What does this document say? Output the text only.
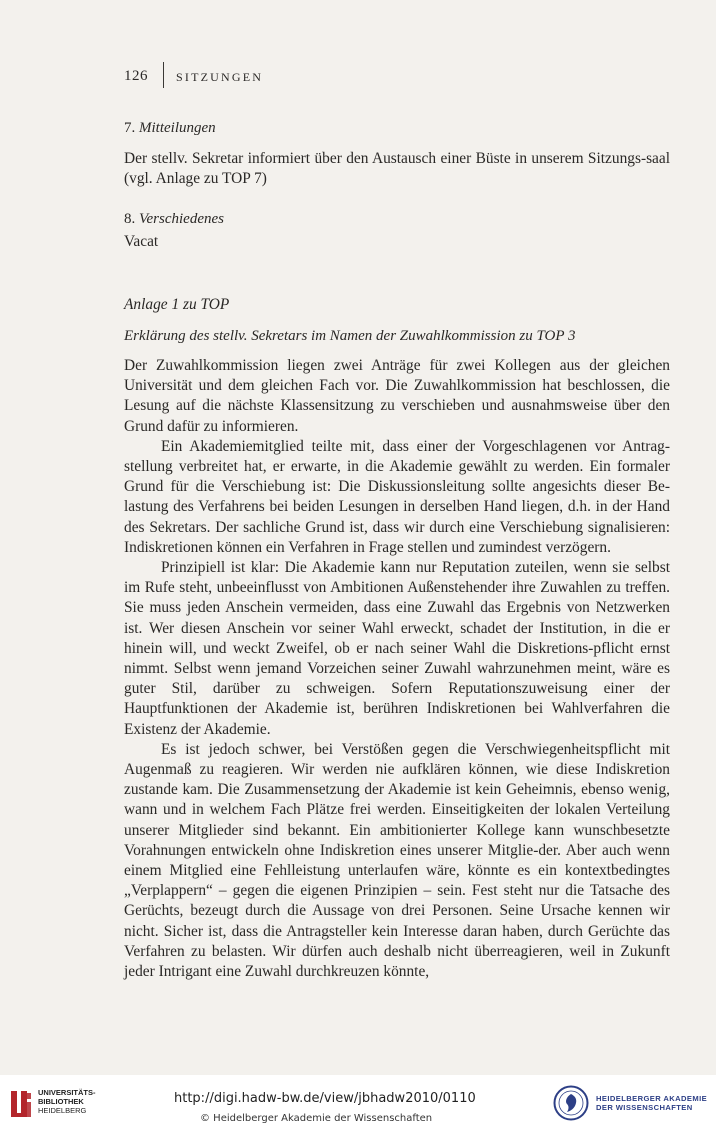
126 SITZUNGEN
7. Mitteilungen

Der stellv. Sekretar informiert über den Austausch einer Büste in unserem Sitzungs-saal (vgl. Anlage zu TOP 7)

8. Verschiedenes
Vacat
Anlage 1 zu TOP
Erklärung des stellv. Sekretars im Namen der Zuwahlkommission zu TOP 3

Der Zuwahlkommission liegen zwei Anträge für zwei Kollegen aus der gleichen Universität und dem gleichen Fach vor. Die Zuwahlkommission hat beschlossen, die Lesung auf die nächste Klassensitzung zu verschieben und ausnahmsweise über den Grund dafür zu informieren.

Ein Akademiemitglied teilte mit, dass einer der Vorgeschlagenen vor Antrag-stellung verbreitet hat, er erwarte, in die Akademie gewählt zu werden. Ein formaler Grund für die Verschiebung ist: Die Diskussionsleitung sollte angesichts dieser Be-lastung des Verfahrens bei beiden Lesungen in derselben Hand liegen, d.h. in der Hand des Sekretars. Der sachliche Grund ist, dass wir durch eine Verschiebung signalisieren: Indiskretionen können ein Verfahren in Frage stellen und zumindest verzögern.

Prinzipiell ist klar: Die Akademie kann nur Reputation zuteilen, wenn sie selbst im Rufe steht, unbeeinflusst von Ambitionen Außenstehender ihre Zuwahlen zu treffen. Sie muss jeden Anschein vermeiden, dass eine Zuwahl das Ergebnis von Netzwerken ist. Wer diesen Anschein vor seiner Wahl erweckt, schadet der Institution, in die er hinein will, und weckt Zweifel, ob er nach seiner Wahl die Diskretions-pflicht ernst nimmt. Selbst wenn jemand Vorzeichen seiner Zuwahl wahrzunehmen meint, wäre es guter Stil, darüber zu schweigen. Sofern Reputationszuweisung einer der Hauptfunktionen der Akademie ist, berühren Indiskretionen bei Wahlverfahren die Existenz der Akademie.

Es ist jedoch schwer, bei Verstößen gegen die Verschwiegenheitspflicht mit Augenmaß zu reagieren. Wir werden nie aufklären können, wie diese Indiskretion zustande kam. Die Zusammensetzung der Akademie ist kein Geheimnis, ebenso wenig, wann und in welchem Fach Plätze frei werden. Einseitigkeiten der lokalen Verteilung unserer Mitglieder sind bekannt. Ein ambitionierter Kollege kann wunschbesetzte Vorahnungen entwickeln ohne Indiskretion eines unserer Mitglie-der. Aber auch wenn einem Mitglied eine Fehlleistung unterlaufen wäre, könnte es ein kontextbedingtes „Verplappern“ – gegen die eigenen Prinzipien – sein. Fest steht nur die Tatsache des Gerüchts, bezeugt durch die Aussage von drei Personen. Seine Ursache kennen wir nicht. Sicher ist, dass die Antragsteller kein Interesse daran haben, durch Gerüchte das Verfahren zu belasten. Wir dürfen auch deshalb nicht überreagieren, weil in Zukunft jeder Intrigant eine Zuwahl durchkreuzen könnte,

UNIVERSITÄTS-
BIBLIOTHEK
HEIDELBERG
http://digi.hadw-bw.de/view/jbhadw2010/0110
© Heidelberger Akademie der Wissenschaften
HEIDELBERGER AKADEMIE
DER WISSENSCHAFTEN
